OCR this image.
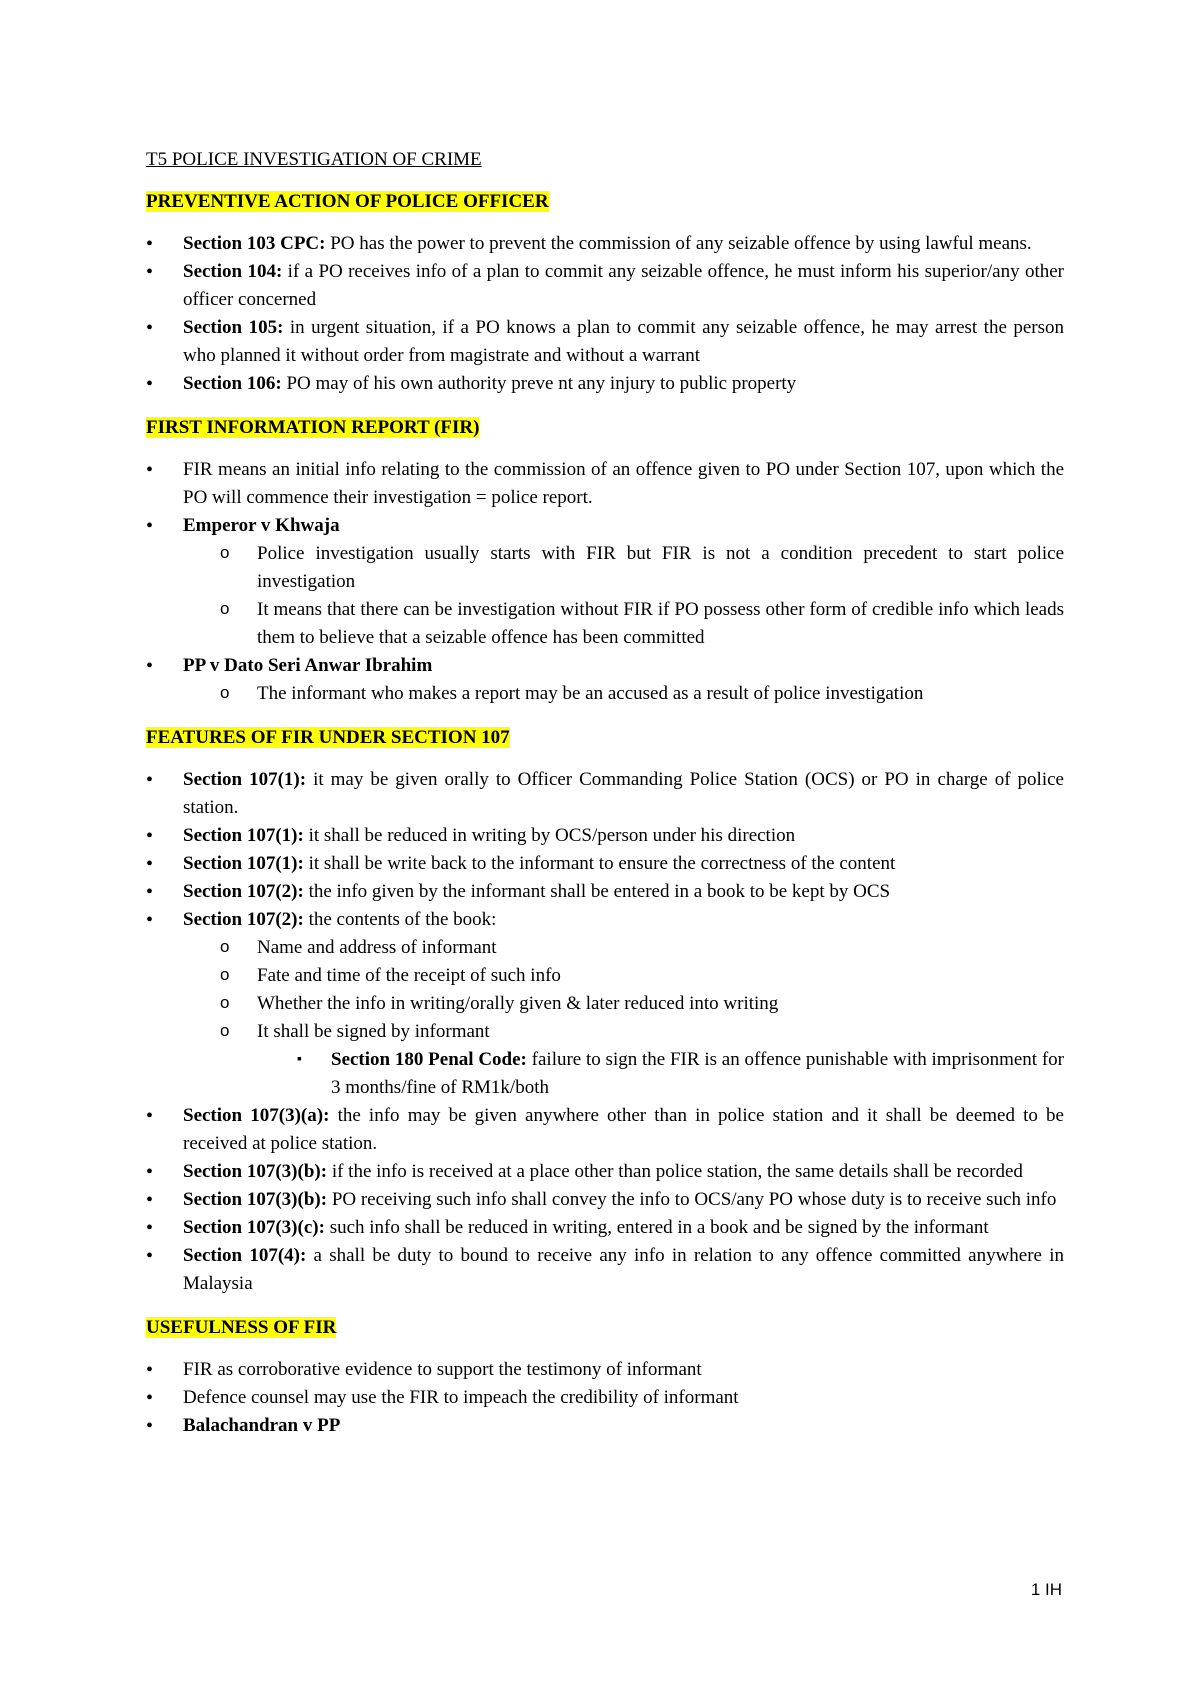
T5 POLICE INVESTIGATION OF CRIME
PREVENTIVE ACTION OF POLICE OFFICER
•	Section 103 CPC: PO has the power to prevent the commission of any seizable offence by using lawful means.
•	Section 104: if a PO receives info of a plan to commit any seizable offence, he must inform his superior/any other officer concerned
•	Section 105: in urgent situation, if a PO knows a plan to commit any seizable offence, he may arrest the person who planned it without order from magistrate and without a warrant
•	Section 106: PO may of his own authority preve nt any injury to public property
FIRST INFORMATION REPORT (FIR)
•	FIR means an initial info relating to the commission of an offence given to PO under Section 107, upon which the PO will commence their investigation = police report.
•	Emperor v Khwaja
o Police investigation usually starts with FIR but FIR is not a condition precedent to start police investigation
o It means that there can be investigation without FIR if PO possess other form of credible info which leads them to believe that a seizable offence has been committed
•	PP v Dato Seri Anwar Ibrahim
o The informant who makes a report may be an accused as a result of police investigation
FEATURES OF FIR UNDER SECTION 107
•	Section 107(1): it may be given orally to Officer Commanding Police Station (OCS) or PO in charge of police station.
•	Section 107(1): it shall be reduced in writing by OCS/person under his direction
•	Section 107(1): it shall be write back to the informant to ensure the correctness of the content
•	Section 107(2): the info given by the informant shall be entered in a book to be kept by OCS
•	Section 107(2): the contents of the book:
o Name and address of informant
o Fate and time of the receipt of such info
o Whether the info in writing/orally given & later reduced into writing
o It shall be signed by informant
▪ Section 180 Penal Code: failure to sign the FIR is an offence punishable with imprisonment for 3 months/fine of RM1k/both
•	Section 107(3)(a): the info may be given anywhere other than in police station and it shall be deemed to be received at police station.
•	Section 107(3)(b): if the info is received at a place other than police station, the same details shall be recorded
•	Section 107(3)(b): PO receiving such info shall convey the info to OCS/any PO whose duty is to receive such info
•	Section 107(3)(c): such info shall be reduced in writing, entered in a book and be signed by the informant
•	Section 107(4): a shall be duty to bound to receive any info in relation to any offence committed anywhere in Malaysia
USEFULNESS OF FIR
•	FIR as corroborative evidence to support the testimony of informant
•	Defence counsel may use the FIR to impeach the credibility of informant
•	Balachandran v PP
1 IH
